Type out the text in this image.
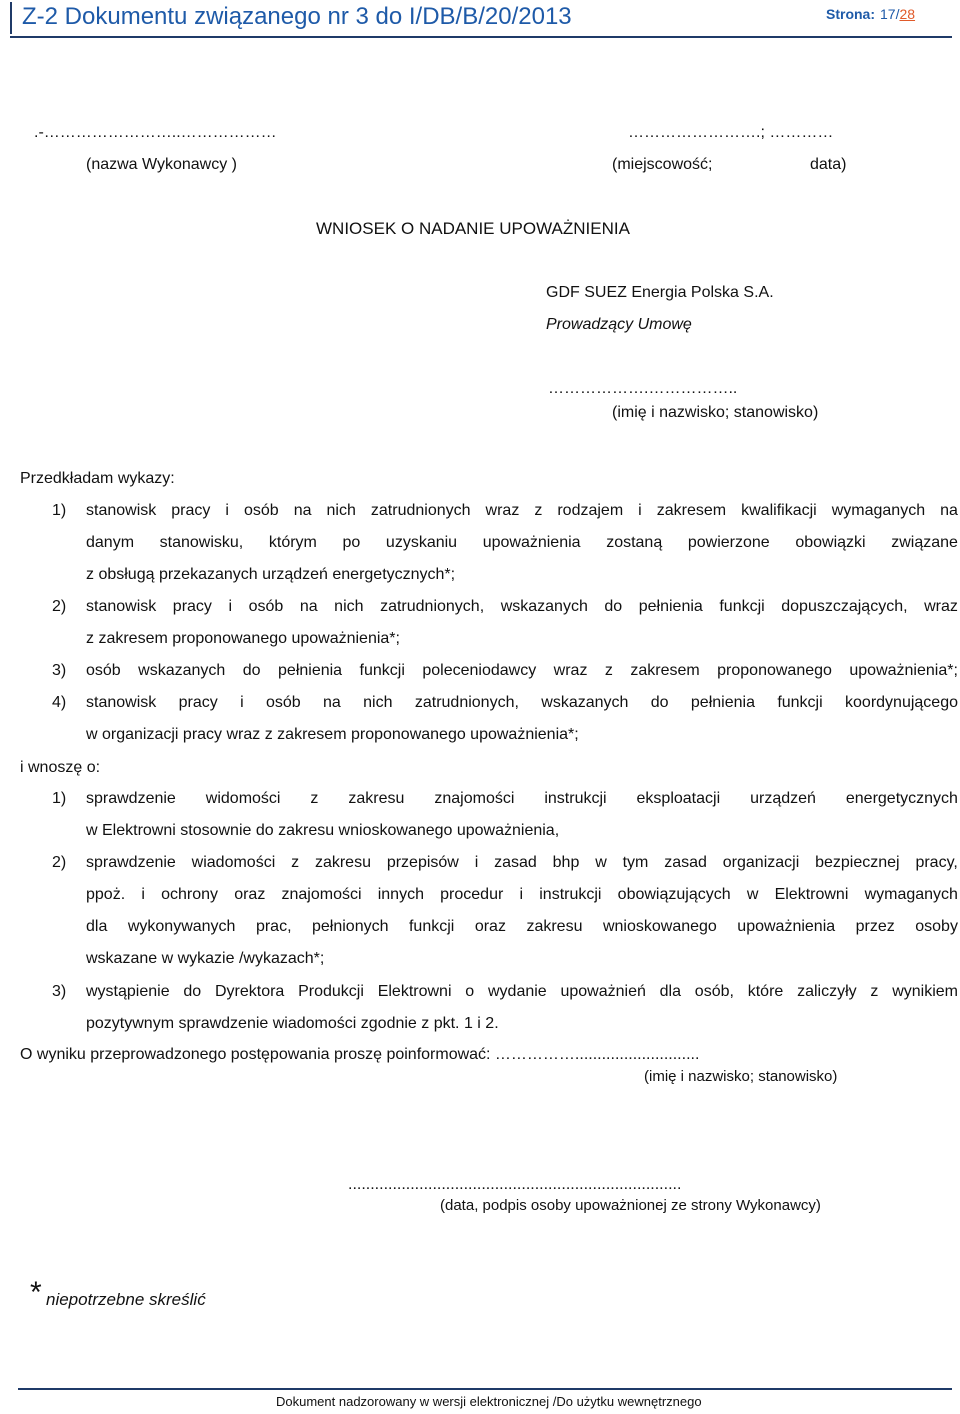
Z-2 Dokumentu związanego nr 3 do I/DB/B/20/2013	Strona: 17/28
.-……………………..………………	…………………….; …………
(nazwa Wykonawcy )	(miejscowość;	data)
WNIOSEK O NADANIE UPOWAŻNIENIA
GDF SUEZ Energia Polska S.A.
Prowadzący Umowę
……………….……………..
(imię i nazwisko; stanowisko)
Przedkładam wykazy:
1) stanowisk pracy i osób na nich zatrudnionych wraz z rodzajem i zakresem kwalifikacji wymaganych na
danym stanowisku, którym po uzyskaniu upoważnienia zostaną powierzone obowiązki związane
z obsługą przekazanych urządzeń energetycznych*;
2) stanowisk pracy i osób na nich zatrudnionych, wskazanych do pełnienia funkcji dopuszczających, wraz
z zakresem proponowanego upoważnienia*;
3) osób wskazanych do pełnienia funkcji poleceniodawcy wraz z zakresem proponowanego upoważnienia*;
4) stanowisk pracy i osób na nich zatrudnionych, wskazanych do pełnienia funkcji koordynującego
w organizacji pracy wraz z zakresem proponowanego upoważnienia*;
i wnoszę o:
1) sprawdzenie widomości z zakresu znajomości instrukcji eksploatacji urządzeń energetycznych
w Elektrowni stosownie do zakresu wnioskowanego upoważnienia,
2) sprawdzenie wiadomości z zakresu przepisów i zasad bhp w tym zasad organizacji bezpiecznej pracy,
ppoż. i ochrony oraz znajomości innych procedur i instrukcji obowiązujących w Elektrowni wymaganych
dla wykonywanych prac, pełnionych funkcji oraz zakresu wnioskowanego upoważnienia przez osoby
wskazane w wykazie /wykazach*;
3) wystąpienie do Dyrektora Produkcji Elektrowni o wydanie upoważnień dla osób, które zaliczyły z wynikiem
pozytywnym sprawdzenie wiadomości zgodnie z pkt. 1 i 2.
O wyniku przeprowadzonego postępowania proszę poinformować: ……………............................
(imię i nazwisko; stanowisko)
...........................................................................
(data, podpis osoby upoważnionej ze strony Wykonawcy)
* niepotrzebne skreślić
Dokument nadzorowany w wersji elektronicznej /Do użytku wewnętrznego
